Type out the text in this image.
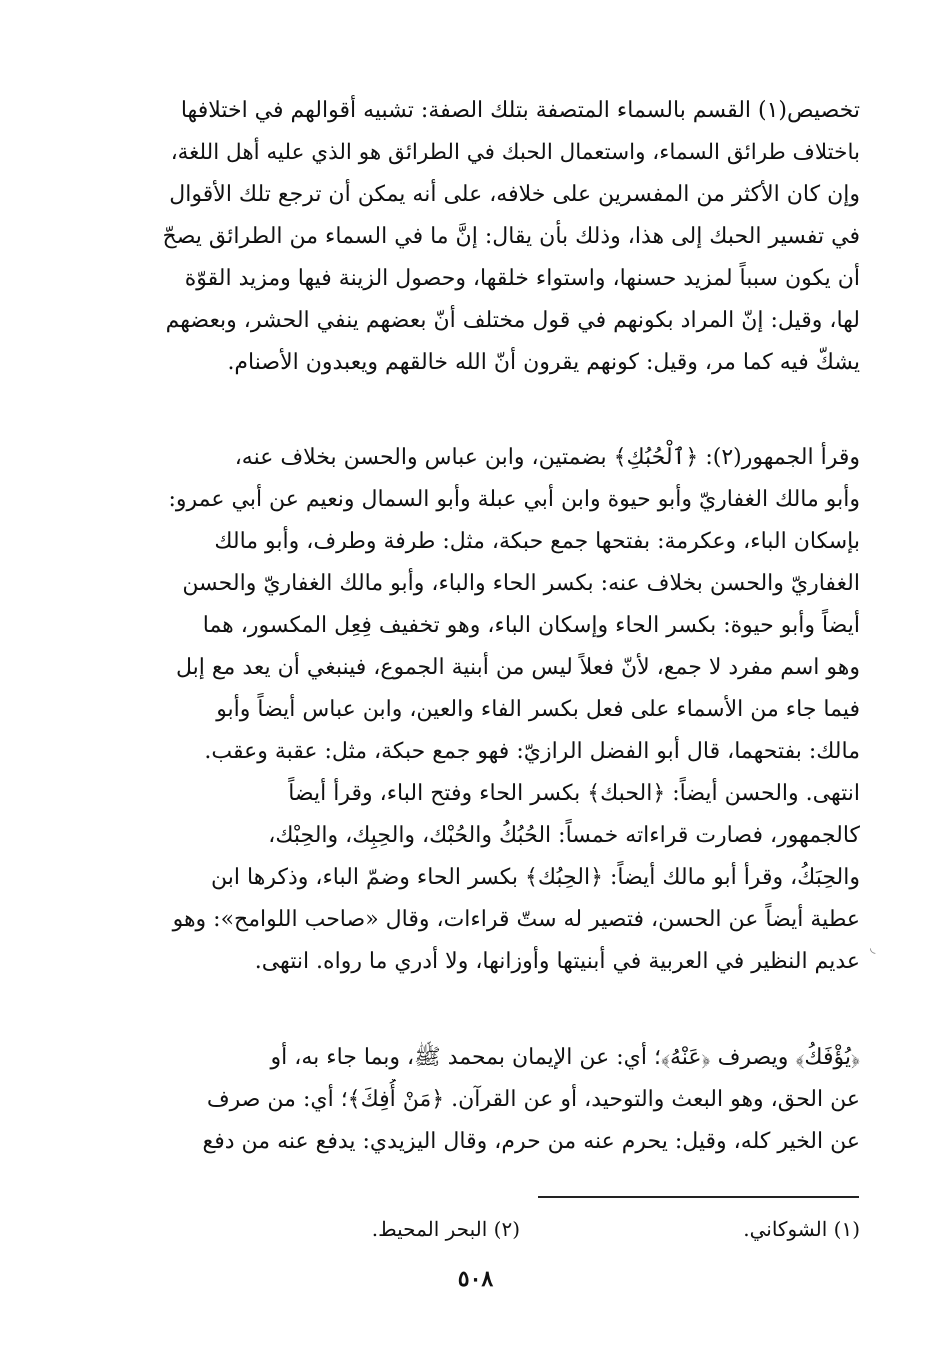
تخصيص(١) القسم بالسماء المتصفة بتلك الصفة: تشبيه أقوالهم في اختلافها
باختلاف طرائق السماء، واستعمال الحبك في الطرائق هو الذي عليه أهل اللغة،
وإن كان الأكثر من المفسرين على خلافه، على أنه يمكن أن ترجع تلك الأقوال
في تفسير الحبك إلى هذا، وذلك بأن يقال: إنَّ ما في السماء من الطرائق يصحّ
أن يكون سبباً لمزيد حسنها، واستواء خلقها، وحصول الزينة فيها ومزيد القوّة
لها، وقيل: إنّ المراد بكونهم في قول مختلف أنّ بعضهم ينفي الحشر، وبعضهم
يشكّ فيه كما مر، وقيل: كونهم يقرون أنّ الله خالقهم ويعبدون الأصنام.
وقرأ الجمهور(٢): ﴿ٱلْحُبُكِ﴾ بضمتين، وابن عباس والحسن بخلاف عنه،
وأبو مالك الغفاريّ وأبو حيوة وابن أبي عبلة وأبو السمال ونعيم عن أبي عمرو:
بإسكان الباء، وعكرمة: بفتحها جمع حبكة، مثل: طرفة وطرف، وأبو مالك
الغفاريّ والحسن بخلاف عنه: بكسر الحاء والباء، وأبو مالك الغفاريّ والحسن
أيضاً وأبو حيوة: بكسر الحاء وإسكان الباء، وهو تخفيف فِعِل المكسور، هما
وهو اسم مفرد لا جمع، لأنّ فعلاً ليس من أبنية الجموع، فينبغي أن يعد مع إبل
فيما جاء من الأسماء على فعل بكسر الفاء والعين، وابن عباس أيضاً وأبو
مالك: بفتحهما، قال أبو الفضل الرازيّ: فهو جمع حبكة، مثل: عقبة وعقب.
انتهى. والحسن أيضاً: ﴿الحبك﴾ بكسر الحاء وفتح الباء، وقرأ أيضاً
كالجمهور، فصارت قراءاته خمساً: الحُبُكُ والحُبْك، والحِبِك، والحِبْك،
والحِبَكُ، وقرأ أبو مالك أيضاً: ﴿الحِبُك﴾ بكسر الحاء وضمّ الباء، وذكرها ابن
عطية أيضاً عن الحسن، فتصير له ستّ قراءات، وقال «صاحب اللوامح»: وهو
عديم النظير في العربية في أبنيتها وأوزانها، ولا أدري ما رواه. انتهى.
﴿يُؤْفَكُ﴾ ويصرف ﴿عَنْهُ﴾؛ أي: عن الإيمان بمحمد ﷺ، وبما جاء به، أو
عن الحق، وهو البعث والتوحيد، أو عن القرآن. ﴿مَنْ أُفِكَ﴾؛ أي: من صرف
عن الخير كله، وقيل: يحرم عنه من حرم، وقال اليزيدي: يدفع عنه من دفع
(١) الشوكاني.
(٢) البحر المحيط.
٥٠٨
◟
